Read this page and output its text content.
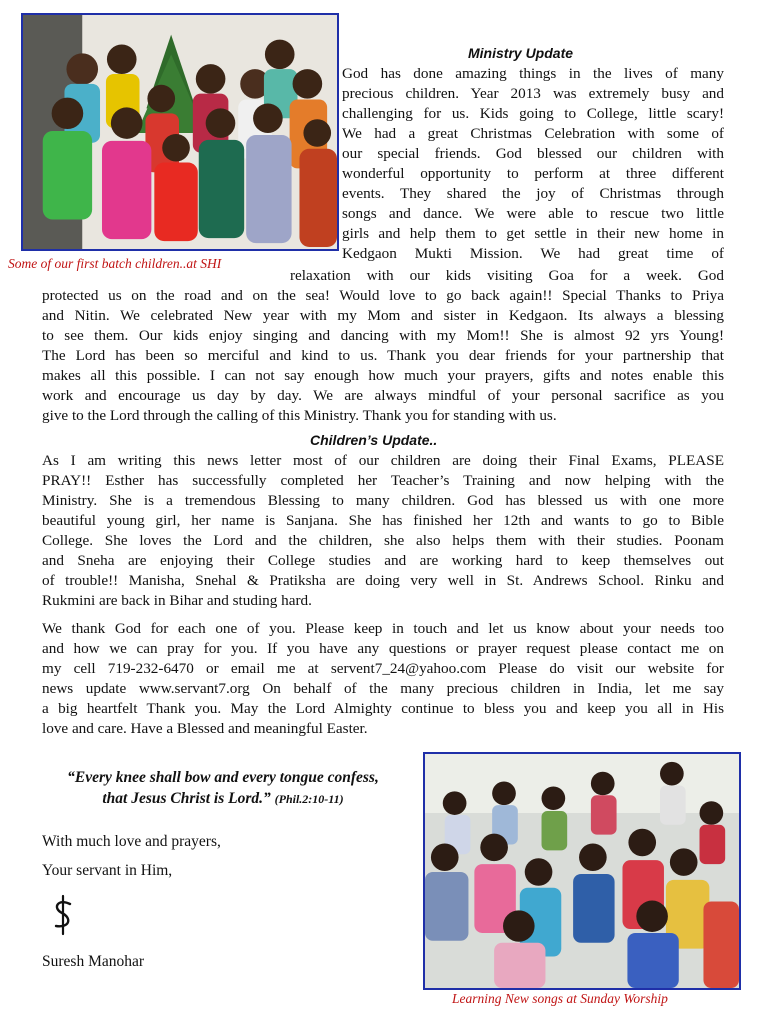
Some of our first batch children..at SHI
Ministry Update
God has done amazing things in the lives of many
precious children. Year 2013 was extremely busy and
challenging for us. Kids going to College, little scary!
We had a great Christmas Celebration with some of
our special friends. God blessed our children with
wonderful opportunity to perform at three different
events. They shared the joy of Christmas through
songs and dance. We were able to rescue two little
girls and help them to get settle in their new home in
Kedgaon Mukti Mission. We had great time of
relaxation with our kids visiting Goa for a week. God
protected us on the road and on the sea! Would love to go back again!! Special Thanks to Priya
and Nitin. We celebrated New year with my Mom and sister in Kedgaon. Its always a blessing
to see them. Our kids enjoy singing and dancing with my Mom!! She is almost 92 yrs Young!
The Lord has been so merciful and kind to us. Thank you dear friends for your partnership that
makes all this possible. I can not say enough how much your prayers, gifts and notes enable this
work and encourage us day by day. We are always mindful of your personal sacrifice as you
give to the Lord through the calling of this Ministry. Thank you for standing with us.
Children’s Update..
As I am writing this news letter most of our children are doing their Final Exams, PLEASE
PRAY!! Esther has successfully completed her Teacher’s Training and now helping with the
Ministry. She is a tremendous Blessing to many children. God has blessed us with one more
beautiful young girl, her name is Sanjana. She has finished her 12th and wants to go to Bible
College. She loves the Lord and the children, she also helps them with their studies. Poonam
and Sneha are enjoying their College studies and are working hard to keep themselves out
of trouble!! Manisha, Snehal & Pratiksha are doing very well in St. Andrews School. Rinku and
Rukmini are back in Bihar and studing hard.
We thank God for each one of you. Please keep in touch and let us know about your needs too
and how we can pray for you. If you have any questions or prayer request please contact me on
my cell 719-232-6470 or email me at servent7_24@yahoo.com Please do visit our website for
news update www.servant7.org On behalf of the many precious children in India, let me say
a big heartfelt Thank you. May the Lord Almighty continue to bless you and keep you all in His
love and care. Have a Blessed and meaningful Easter.
“Every knee shall bow and every tongue confess,
that Jesus Christ is Lord.” (Phil.2:10-11)
With much love and prayers,
Your servant in Him,
Suresh Manohar
Learning New songs at Sunday Worship
